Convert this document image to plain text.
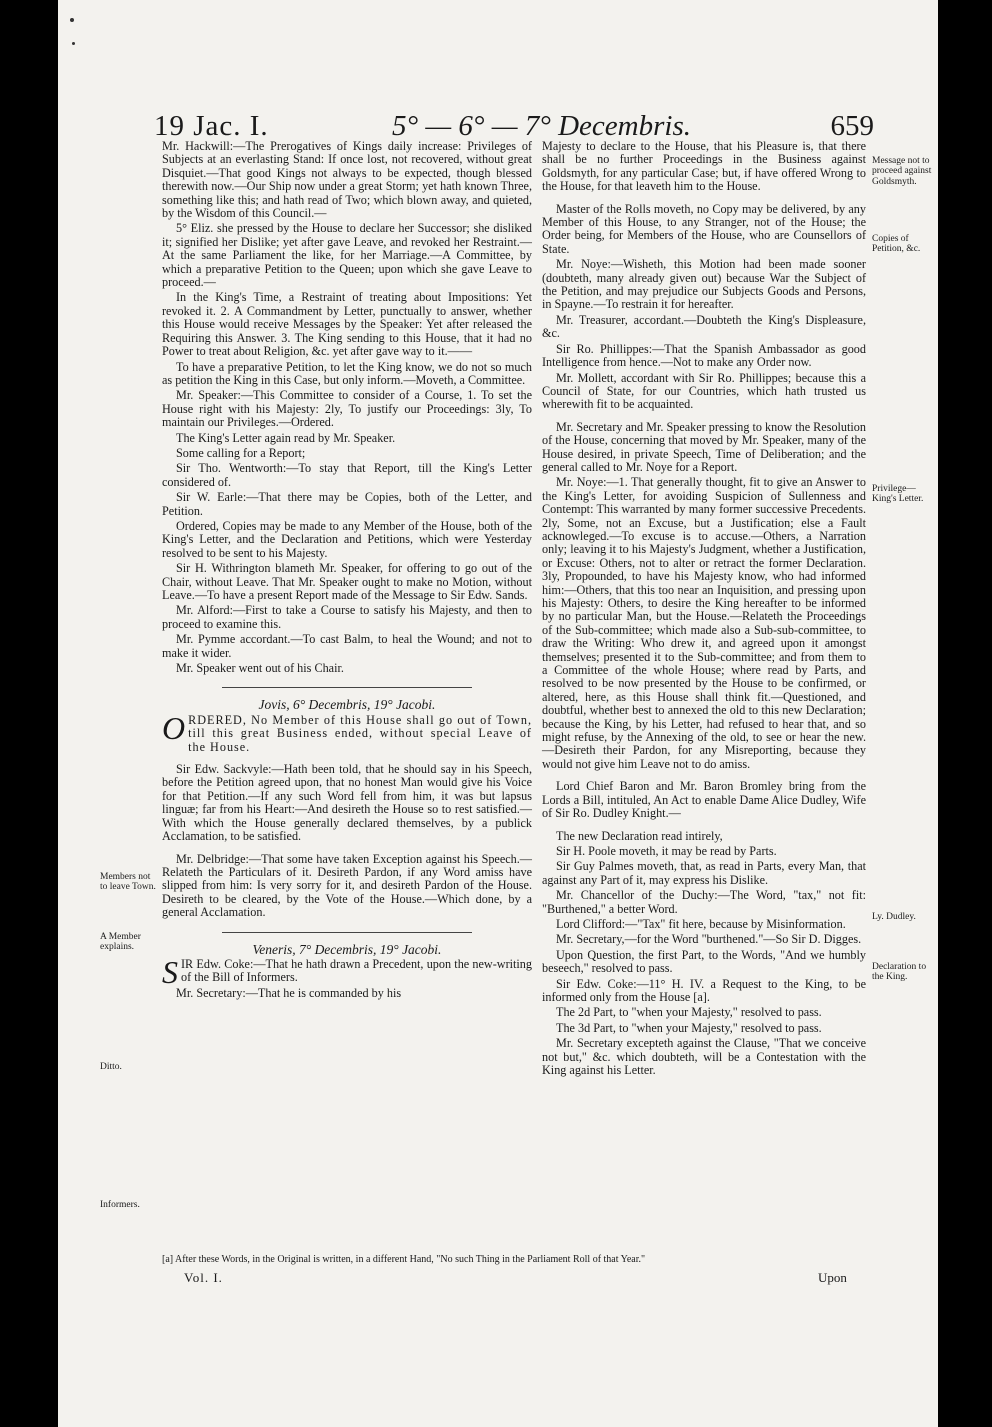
19 Jac. I.	5° — 6° — 7° Decembris.	659
Members not to leave Town.
A Member explains.
Ditto.
Informers.
Message not to proceed against Goldsmyth.
Copies of Petition, &c.
Privilege—King's Letter.
Ly. Dudley.
Declaration to the King.

Mr. Hackwill:—The Prerogatives of Kings daily increase: Privileges of Subjects at an everlasting Stand: If once lost, not recovered, without great Disquiet.—That good Kings not always to be expected, though blessed therewith now.—Our Ship now under a great Storm; yet hath known Three, something like this; and hath read of Two; which blown away, and quieted, by the Wisdom of this Council.—

5° Eliz. she pressed by the House to declare her Successor; she disliked it; signified her Dislike; yet after gave Leave, and revoked her Restraint.—At the same Parliament the like, for her Marriage.—A Committee, by which a preparative Petition to the Queen; upon which she gave Leave to proceed.—

In the King's Time, a Restraint of treating about Impositions: Yet revoked it. 2. A Commandment by Letter, punctually to answer, whether this House would receive Messages by the Speaker: Yet after released the Requiring this Answer. 3. The King sending to this House, that it had no Power to treat about Religion, &c. yet after gave way to it.——

To have a preparative Petition, to let the King know, we do not so much as petition the King in this Case, but only inform.—Moveth, a Committee.

Mr. Speaker:—This Committee to consider of a Course, 1. To set the House right with his Majesty: 2ly, To justify our Proceedings: 3ly, To maintain our Privileges.—Ordered.

The King's Letter again read by Mr. Speaker.

Some calling for a Report;

Sir Tho. Wentworth:—To stay that Report, till the King's Letter considered of.

Sir W. Earle:—That there may be Copies, both of the Letter, and Petition.

Ordered, Copies may be made to any Member of the House, both of the King's Letter, and the Declaration and Petitions, which were Yesterday resolved to be sent to his Majesty.

Sir H. Withrington blameth Mr. Speaker, for offering to go out of the Chair, without Leave. That Mr. Speaker ought to make no Motion, without Leave.—To have a present Report made of the Message to Sir Edw. Sands.

Mr. Alford:—First to take a Course to satisfy his Majesty, and then to proceed to examine this.

Mr. Pymme accordant.—To cast Balm, to heal the Wound; and not to make it wider.

Mr. Speaker went out of his Chair.

Jovis, 6° Decembris, 19° Jacobi.

ORDERED, No Member of this House shall go out of Town, till this great Business ended, without special Leave of the House.

Sir Edw. Sackvyle:—Hath been told, that he should say in his Speech, before the Petition agreed upon, that no honest Man would give his Voice for that Petition.—If any such Word fell from him, it was but lapsus linguæ; far from his Heart:—And desireth the House so to rest satisfied.—With which the House generally declared themselves, by a publick Acclamation, to be satisfied.

Mr. Delbridge:—That some have taken Exception against his Speech.—Relateth the Particulars of it. Desireth Pardon, if any Word amiss have slipped from him: Is very sorry for it, and desireth Pardon of the House. Desireth to be cleared, by the Vote of the House.—Which done, by a general Acclamation.

Veneris, 7° Decembris, 19° Jacobi.

SIR Edw. Coke:—That he hath drawn a Precedent, upon the new-writing of the Bill of Informers.

Mr. Secretary:—That he is commanded by his

Majesty to declare to the House, that his Pleasure is, that there shall be no further Proceedings in the Business against Goldsmyth, for any particular Case; but, if have offered Wrong to the House, for that leaveth him to the House.

Master of the Rolls moveth, no Copy may be delivered, by any Member of this House, to any Stranger, not of the House; the Order being, for Members of the House, who are Counsellors of State.

Mr. Noye:—Wisheth, this Motion had been made sooner (doubteth, many already given out) because War the Subject of the Petition, and may prejudice our Subjects Goods and Persons, in Spayne.—To restrain it for hereafter.

Mr. Treasurer, accordant.—Doubteth the King's Displeasure, &c.

Sir Ro. Phillippes:—That the Spanish Ambassador as good Intelligence from hence.—Not to make any Order now.

Mr. Mollett, accordant with Sir Ro. Phillippes; because this a Council of State, for our Countries, which hath trusted us wherewith fit to be acquainted.

Mr. Secretary and Mr. Speaker pressing to know the Resolution of the House, concerning that moved by Mr. Speaker, many of the House desired, in private Speech, Time of Deliberation; and the general called to Mr. Noye for a Report.

Mr. Noye:—1. That generally thought, fit to give an Answer to the King's Letter, for avoiding Suspicion of Sullenness and Contempt: This warranted by many former successive Precedents. 2ly, Some, not an Excuse, but a Justification; else a Fault acknowleged.—To excuse is to accuse.—Others, a Narration only; leaving it to his Majesty's Judgment, whether a Justification, or Excuse: Others, not to alter or retract the former Declaration. 3ly, Propounded, to have his Majesty know, who had informed him:—Others, that this too near an Inquisition, and pressing upon his Majesty: Others, to desire the King hereafter to be informed by no particular Man, but the House.—Relateth the Proceedings of the Sub-committee; which made also a Sub-sub-committee, to draw the Writing: Who drew it, and agreed upon it amongst themselves; presented it to the Sub-committee; and from them to a Committee of the whole House; where read by Parts, and resolved to be now presented by the House to be confirmed, or altered, here, as this House shall think fit.—Questioned, and doubtful, whether best to annexed the old to this new Declaration; because the King, by his Letter, had refused to hear that, and so might refuse, by the Annexing of the old, to see or hear the new.—Desireth their Pardon, for any Misreporting, because they would not give him Leave not to do amiss.

Lord Chief Baron and Mr. Baron Bromley bring from the Lords a Bill, intituled, An Act to enable Dame Alice Dudley, Wife of Sir Ro. Dudley Knight.—

The new Declaration read intirely,

Sir H. Poole moveth, it may be read by Parts.

Sir Guy Palmes moveth, that, as read in Parts, every Man, that against any Part of it, may express his Dislike.

Mr. Chancellor of the Duchy:—The Word, "tax," not fit: "Burthened," a better Word.

Lord Clifford:—"Tax" fit here, because by Misinformation.

Mr. Secretary,—for the Word "burthened."—So Sir D. Digges.

Upon Question, the first Part, to the Words, "And we humbly beseech," resolved to pass.

Sir Edw. Coke:—11° H. IV. a Request to the King, to be informed only from the House [a].

The 2d Part, to "when your Majesty," resolved to pass.

The 3d Part, to "when your Majesty," resolved to pass.

Mr. Secretary excepteth against the Clause, "That we conceive not but," &c. which doubteth, will be a Contestation with the King against his Letter.

[a] After these Words, in the Original is written, in a different Hand, "No such Thing in the Parliament Roll of that Year."
Vol. I.	Upon
